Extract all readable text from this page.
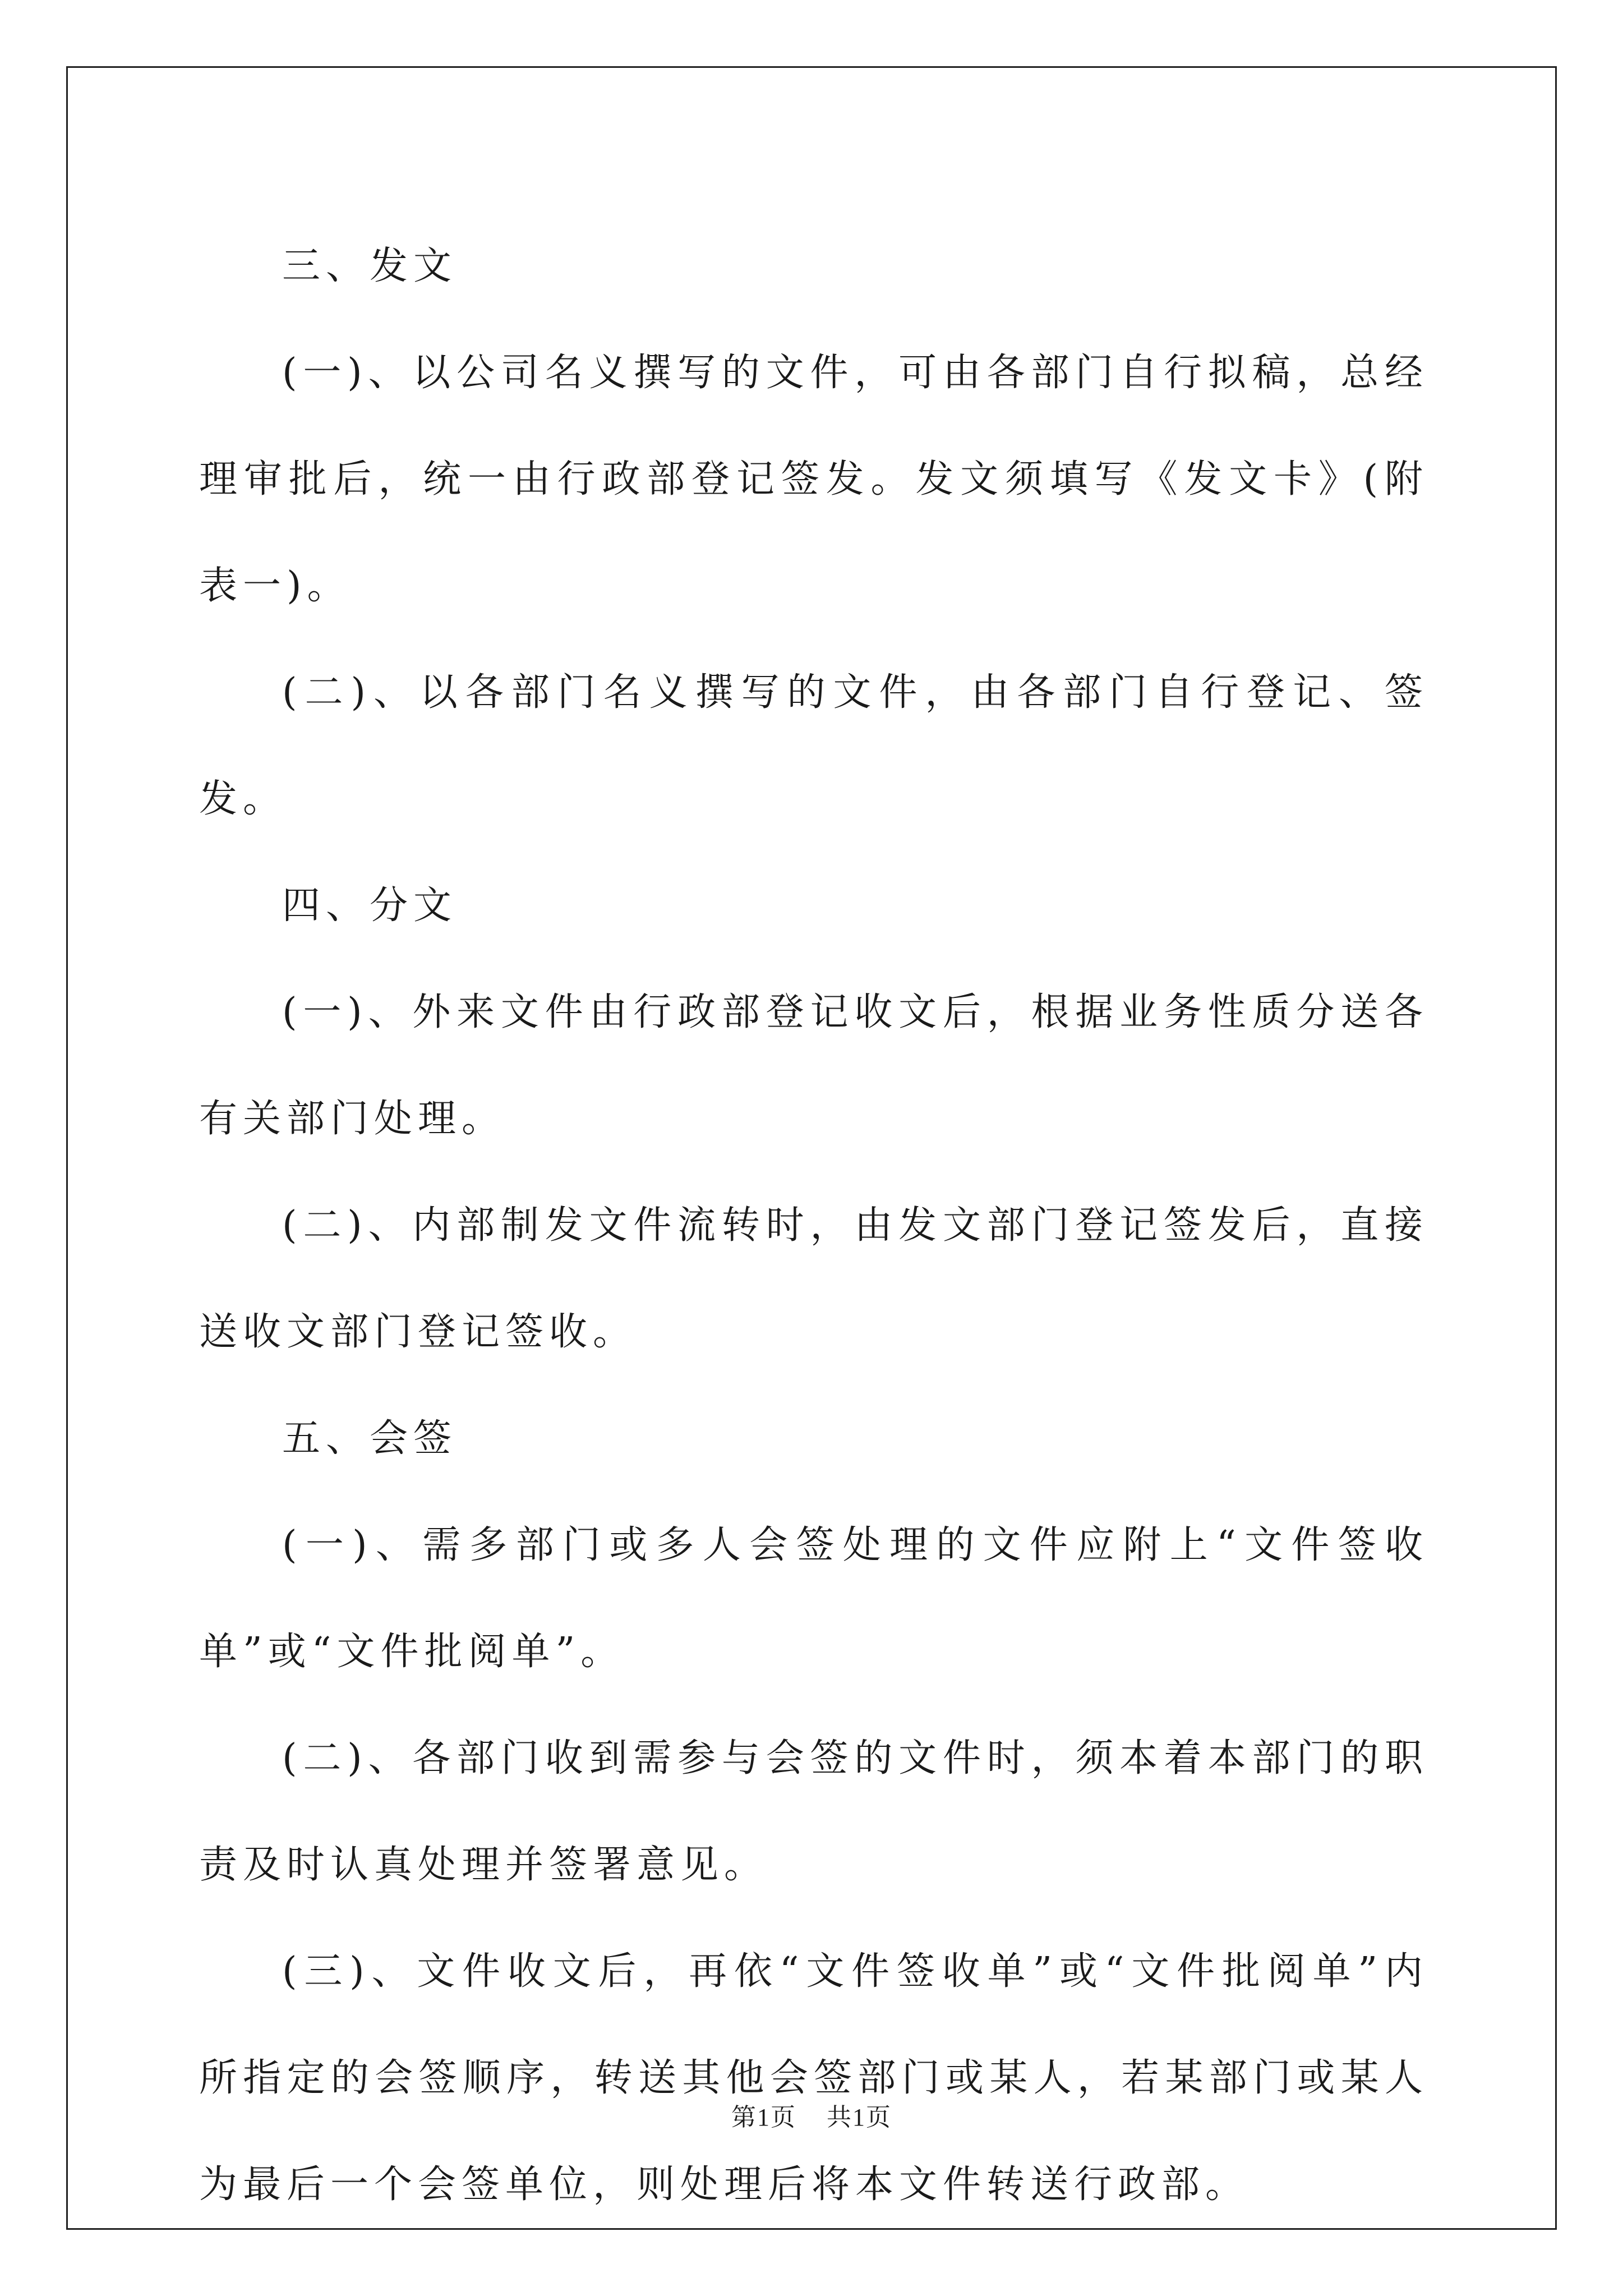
三、发文

(一)、以公司名义撰写的文件，可由各部门自行拟稿，总经理审批后，统一由行政部登记签发。发文须填写《发文卡》(附表一)。

(二)、以各部门名义撰写的文件，由各部门自行登记、签发。

四、分文

(一)、外来文件由行政部登记收文后，根据业务性质分送各有关部门处理。

(二)、内部制发文件流转时，由发文部门登记签发后，直接送收文部门登记签收。

五、会签

(一)、需多部门或多人会签处理的文件应附上“文件签收单”或“文件批阅单”。

(二)、各部门收到需参与会签的文件时，须本着本部门的职责及时认真处理并签署意见。

(三)、文件收文后，再依“文件签收单”或“文件批阅单”内所指定的会签顺序，转送其他会签部门或某人，若某部门或某人为最后一个会签单位，则处理后将本文件转送行政部。

第1页 共1页
